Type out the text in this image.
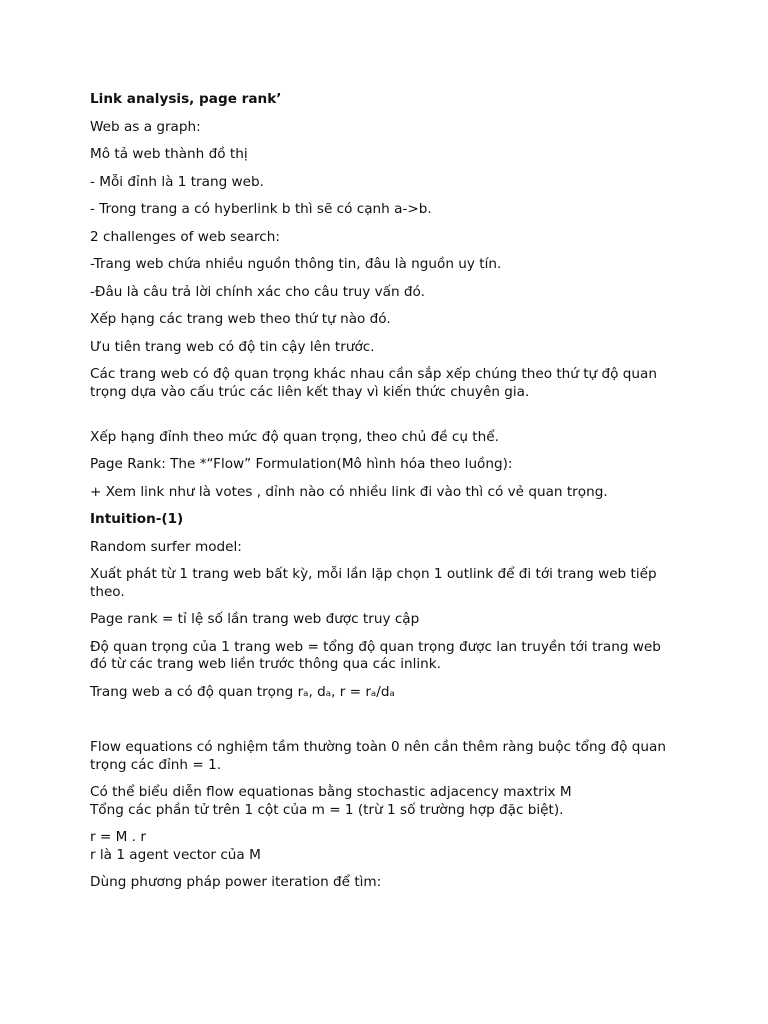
Link analysis, page rank’

Web as a graph:

Mô tả web thành đồ thị

- Mỗi đỉnh là 1 trang web.

- Trong trang a có hyberlink b thì sẽ có cạnh a->b.

2 challenges of web search:

-Trang web chứa nhiều nguồn thông tin, đâu là nguồn uy tín.

-Đâu là câu trả lời chính xác cho câu truy vấn đó.

Xếp hạng các trang web theo thứ tự nào đó.

Ưu tiên trang web có độ tin cậy lên trước.

Các trang web có độ quan trọng khác nhau cần sắp xếp chúng theo thứ tự độ quan
trọng dựa vào cấu trúc các liên kết thay vì kiến thức chuyên gia.

Xếp hạng đỉnh theo mức độ quan trọng, theo chủ đề cụ thể.

Page Rank: The *“Flow” Formulation(Mô hình hóa theo luồng):

+ Xem link như là votes , dỉnh nào có nhiều link đi vào thì có vẻ quan trọng.

Intuition-(1)

Random surfer model:

Xuất phát từ 1 trang web bất kỳ, mỗi lần lặp chọn 1 outlink để đi tới trang web tiếp
theo.

Page rank = tỉ lệ số lần trang web được truy cập

Độ quan trọng của 1 trang web = tổng độ quan trọng được lan truyền tới trang web
đó từ các trang web liền trước thông qua các inlink.

Trang web a có độ quan trọng rₐ, dₐ, r = rₐ/dₐ

Flow equations có nghiệm tầm thường toàn 0 nên cần thêm ràng buộc tổng độ quan
trọng các đỉnh = 1.

Có thể biểu diễn flow equationas bằng stochastic adjacency maxtrix M
Tổng các phần tử trên 1 cột của m = 1 (trừ 1 số trường hợp đặc biệt).

r = M . r
r là 1 agent vector của M

Dùng phương pháp power iteration để tìm:
